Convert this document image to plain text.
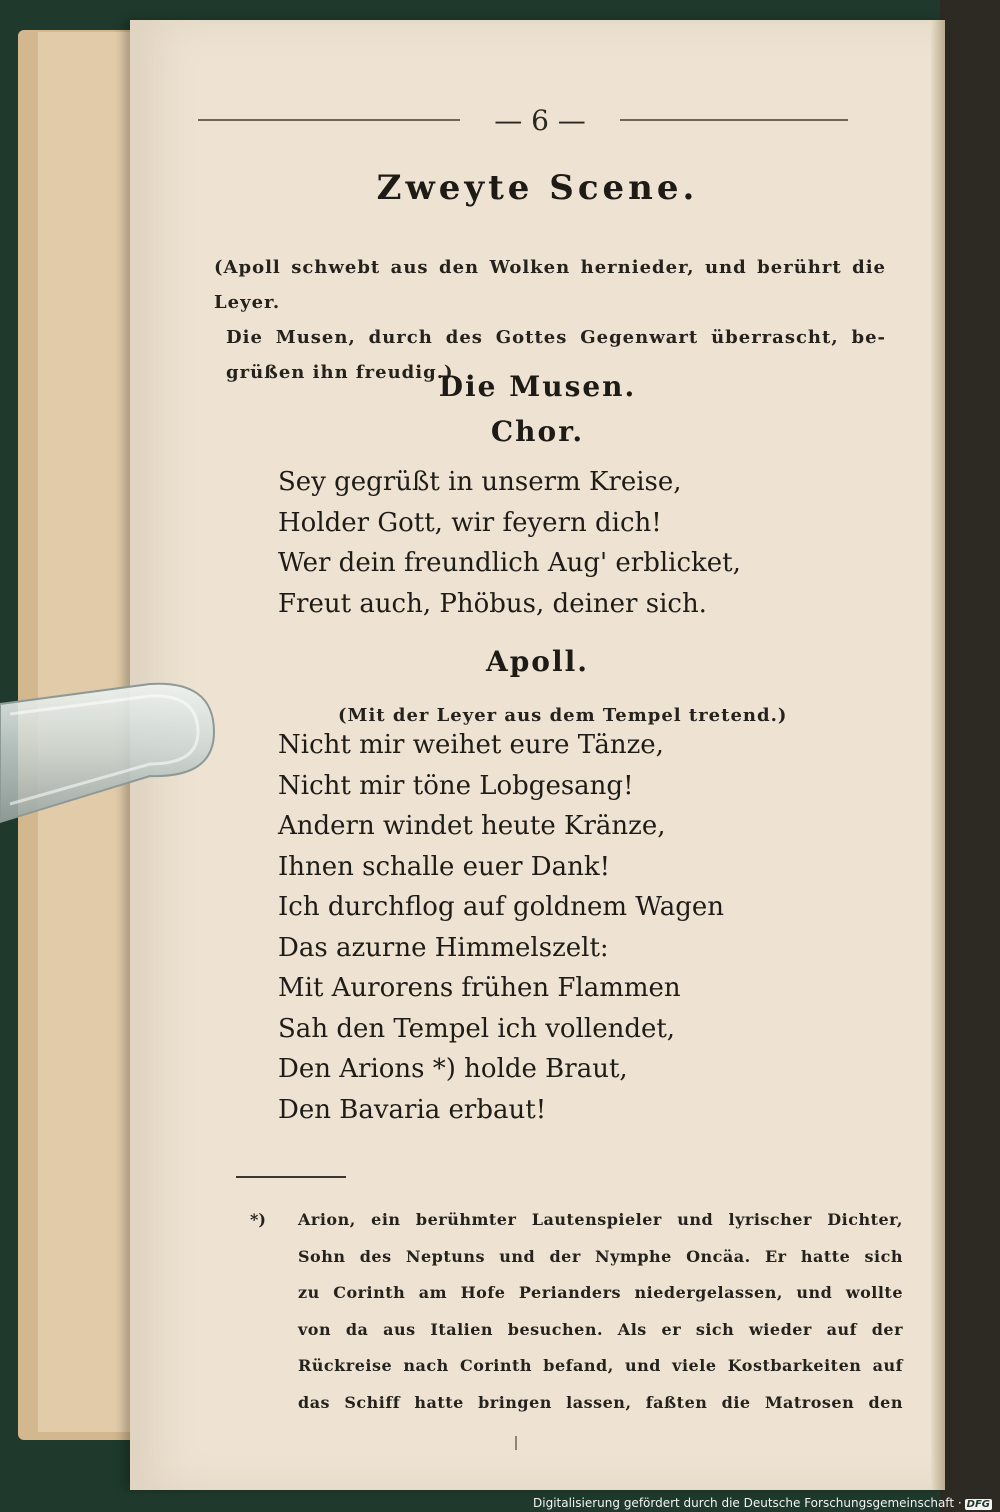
— 6 —
Zweyte Scene.
(Apoll schwebt aus den Wolken hernieder, und berührt die Leyer.
Die Musen, durch des Gottes Gegenwart überrascht, be-
grüßen ihn freudig.)
Die Musen.
Chor.
Sey gegrüßt in unserm Kreise,
Holder Gott, wir feyern dich!
Wer dein freundlich Aug' erblicket,
Freut auch, Phöbus, deiner sich.
Apoll.
(Mit der Leyer aus dem Tempel tretend.)
Nicht mir weihet eure Tänze,
Nicht mir töne Lobgesang!
Andern windet heute Kränze,
Ihnen schalle euer Dank!
Ich durchflog auf goldnem Wagen
Das azurne Himmelszelt:
Mit Aurorens frühen Flammen
Sah den Tempel ich vollendet,
Den Arions *) holde Braut,
Den Bavaria erbaut!
*) Arion, ein berühmter Lautenspieler und lyrischer Dichter,
Sohn des Neptuns und der Nymphe Oncäa. Er hatte sich
zu Corinth am Hofe Perianders niedergelassen, und wollte
von da aus Italien besuchen. Als er sich wieder auf der
Rückreise nach Corinth befand, und viele Kostbarkeiten auf
das Schiff hatte bringen lassen, faßten die Matrosen den
Digitalisierung gefördert durch die Deutsche Forschungsgemeinschaft · DFG
